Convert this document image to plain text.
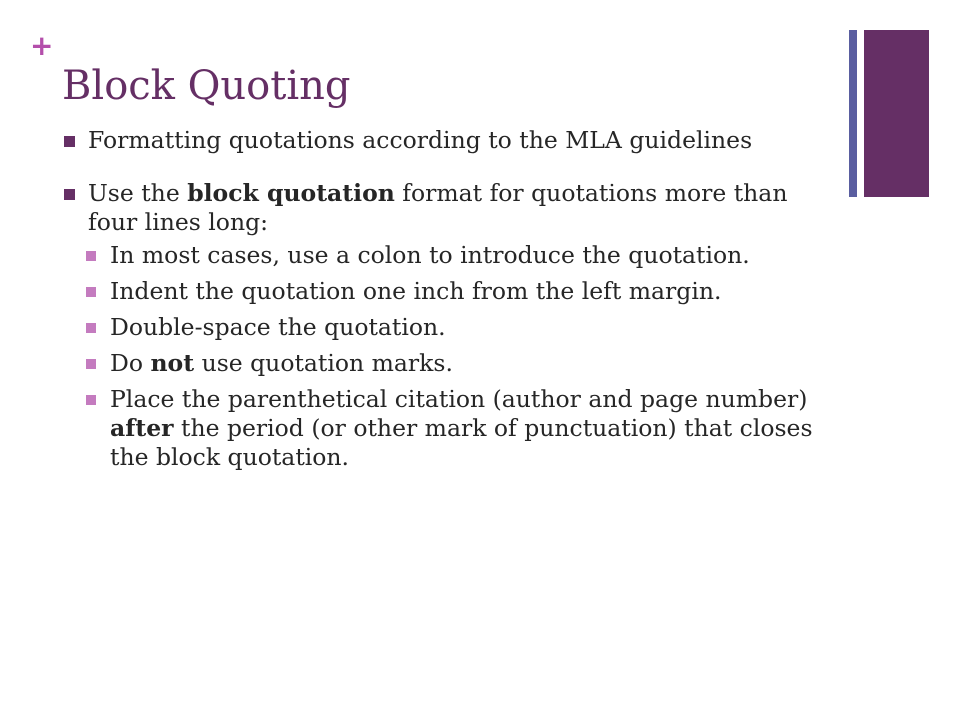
+
Block Quoting
Formatting quotations according to the MLA guidelines
Use the block quotation format for quotations more than four lines long:
In most cases, use a colon to introduce the quotation.
Indent the quotation one inch from the left margin.
Double-space the quotation.
Do not use quotation marks.
Place the parenthetical citation (author and page number) after the period (or other mark of punctuation) that closes the block quotation.
